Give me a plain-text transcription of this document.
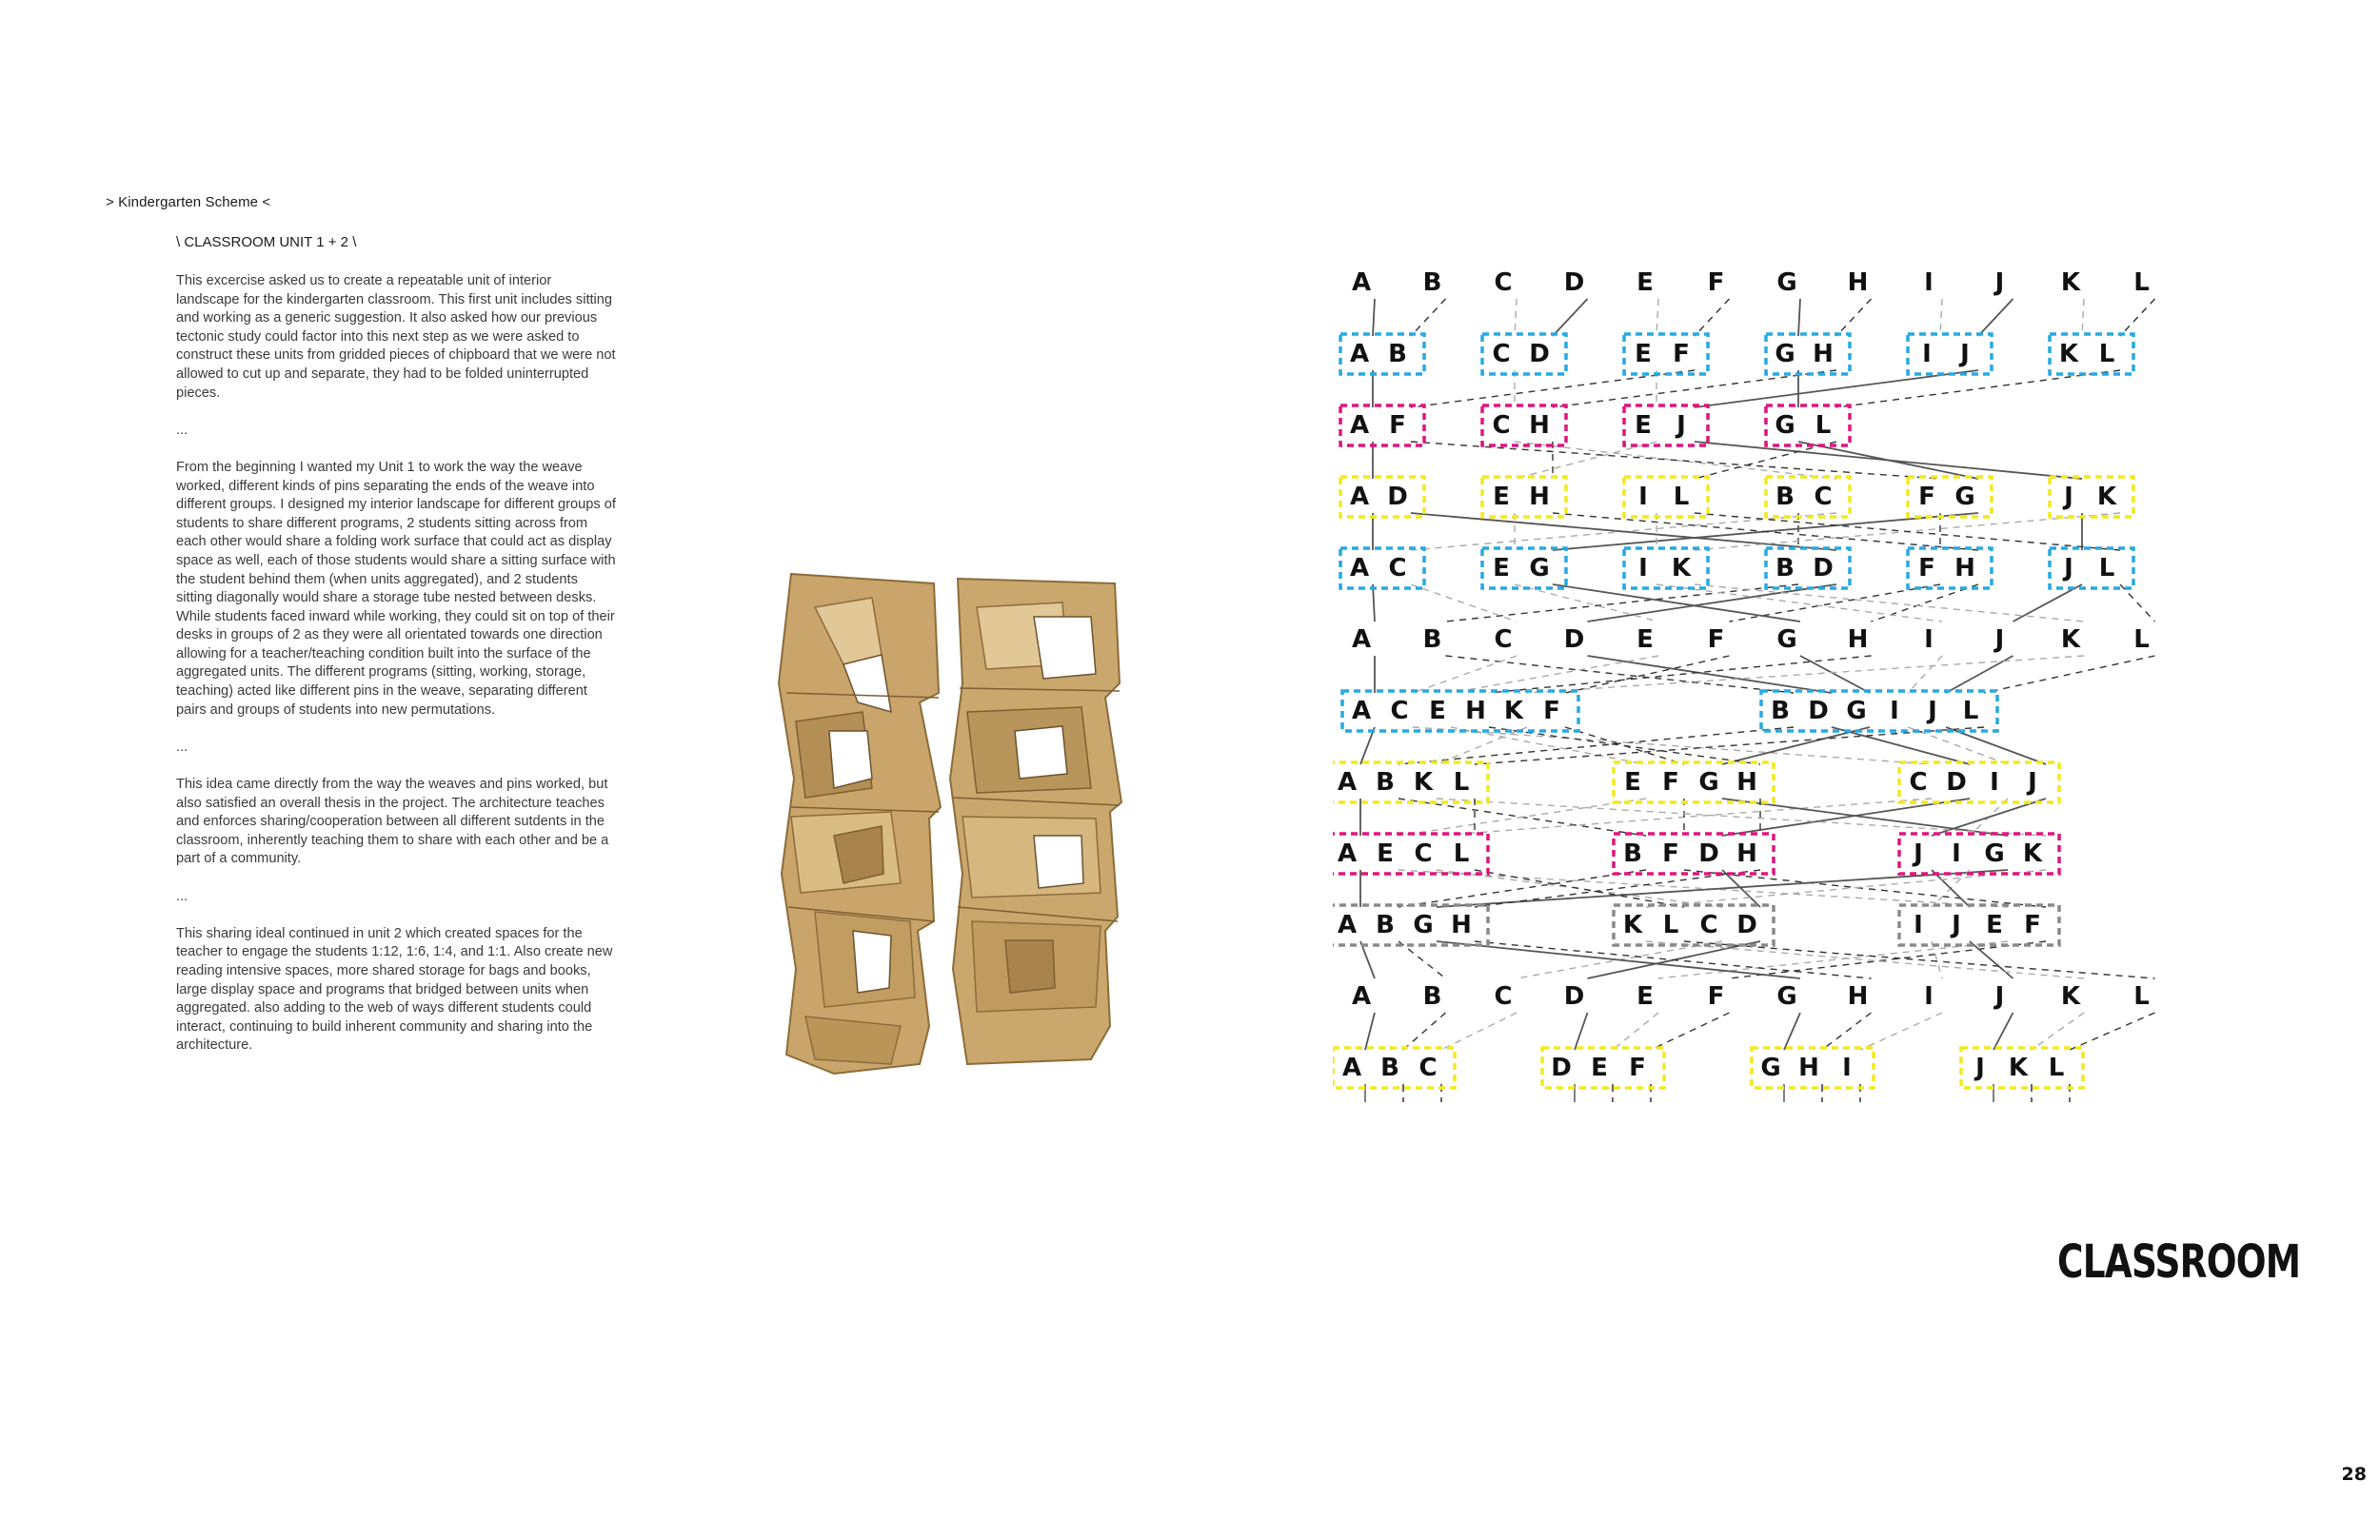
> Kindergarten Scheme <
\ CLASSROOM UNIT 1 + 2 \

This excercise asked us to create a repeatable unit of interior landscape for the kindergarten classroom. This first unit includes sitting and working as a generic suggestion. It also asked how our previous tectonic study could factor into this next step as we were asked to construct these units from gridded pieces of chipboard that we were not allowed to cut up and separate, they had to be folded uninterrupted pieces.

...

From the beginning I wanted my Unit 1 to work the way the weave worked, different kinds of pins separating the ends of the weave into different groups. I designed my interior landscape for different groups of students to share different programs, 2 students sitting across from each other would share a folding work surface that could act as display space as well, each of those students would share a sitting surface with the student behind them (when units aggregated), and 2 students sitting diagonally would share a storage tube nested between desks. While students faced inward while working, they could sit on top of their desks in groups of 2 as they were all orientated towards one direction allowing for a teacher/teaching condition built into the surface of the aggregated units. The different programs (sitting, working, storage, teaching) acted like different pins in the weave, separating different pairs and groups of students into new permutations.

...

This idea came directly from the way the weaves and pins worked, but also satisfied an overall thesis in the project. The architecture teaches and enforces sharing/cooperation between all different sutdents in the classroom, inherently teaching them to share with each other and be a part of a community.

...

This sharing ideal continued in unit 2 which created spaces for the teacher to engage the students 1:12, 1:6, 1:4, and 1:1. Also create new reading intensive spaces, more shared storage for bags and books, large display space and programs that bridged between units when aggregated. also adding to the web of ways different students could interact, continuing to build inherent community and sharing into the architecture.

A B C D E F G H I J K L
A B	C D	E F	G H	I J	K L
A F	C H	E J	G L
A D	E H	I L	B C	F G	J K
A C	E G	I K	B D	F H	J L
A B C D E F G H I J K L
A C E H K F	B D G I J L
A B K L	E F G H	C D I J
A E C L	B F D H	J I G K
A B G H	K L C D	I J E F
A B C D E F G H I J K L
A B C	D E F	G H I	J K L
CLASSROOM
28
